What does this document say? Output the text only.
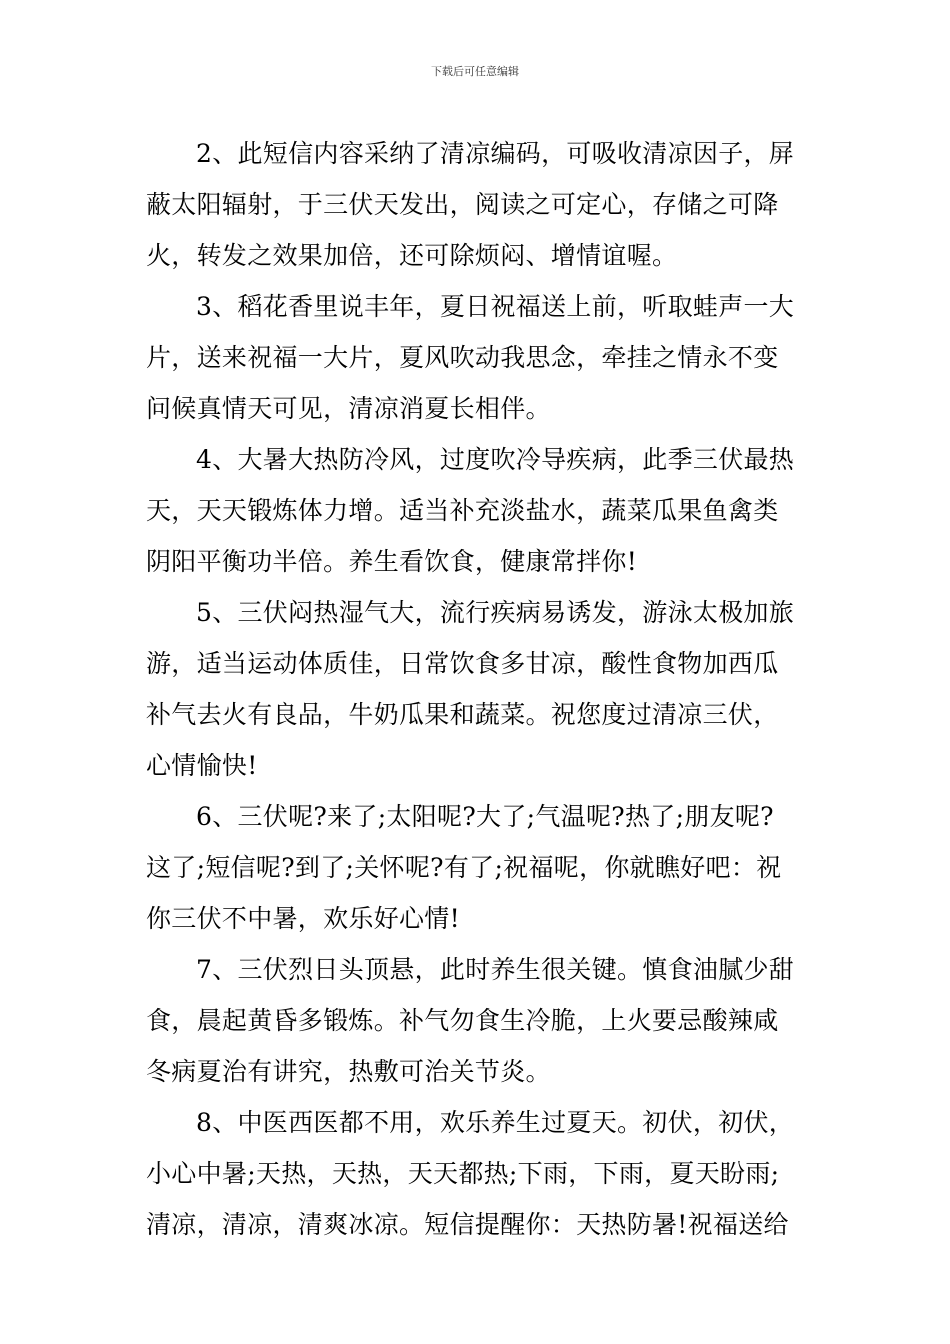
下载后可任意编辑

2、此短信内容采纳了清凉编码，可吸收清凉因子，屏
蔽太阳辐射，于三伏天发出，阅读之可定心，存储之可降
火，转发之效果加倍，还可除烦闷、增情谊喔。

3、稻花香里说丰年，夏日祝福送上前，听取蛙声一大
片，送来祝福一大片，夏风吹动我思念，牵挂之情永不变
问候真情天可见，清凉消夏长相伴。

4、大暑大热防冷风，过度吹冷导疾病，此季三伏最热
天，天天锻炼体力增。适当补充淡盐水，蔬菜瓜果鱼禽类
阴阳平衡功半倍。养生看饮食，健康常拌你!

5、三伏闷热湿气大，流行疾病易诱发，游泳太极加旅
游，适当运动体质佳，日常饮食多甘凉，酸性食物加西瓜
补气去火有良品，牛奶瓜果和蔬菜。祝您度过清凉三伏，
心情愉快!

6、三伏呢?来了;太阳呢?大了;气温呢?热了;朋友呢?
这了;短信呢?到了;关怀呢?有了;祝福呢，你就瞧好吧：祝
你三伏不中暑，欢乐好心情!

7、三伏烈日头顶悬，此时养生很关键。慎食油腻少甜
食，晨起黄昏多锻炼。补气勿食生冷脆，上火要忌酸辣咸
冬病夏治有讲究，热敷可治关节炎。

8、中医西医都不用，欢乐养生过夏天。初伏，初伏，
小心中暑;天热，天热，天天都热;下雨，下雨，夏天盼雨;
清凉，清凉，清爽冰凉。短信提醒你：天热防暑!祝福送给
